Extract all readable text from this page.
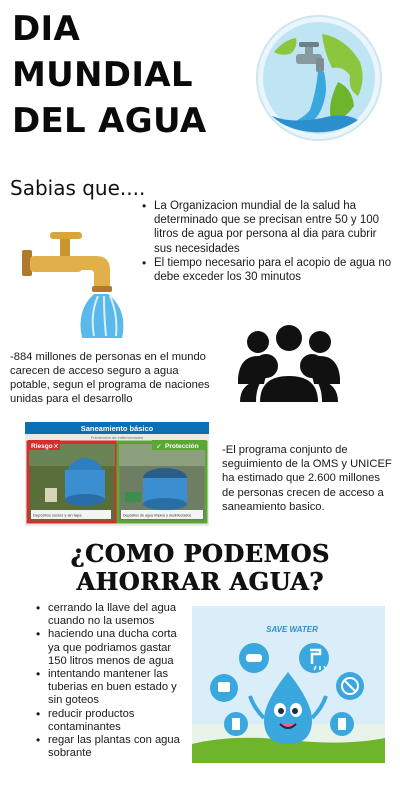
DIA MUNDIAL
DEL AGUA
Sabias que....
• La Organizacion mundial de la salud ha determinado que se precisan entre 50 y 100 litros de agua por persona al dia para cubrir sus necesidades
• El tiempo necesario para el acopio de agua no debe exceder los 30 minutos

-884 millones de personas en el mundo carecen de acceso seguro a agua potable, segun el programa de naciones unidas para el desarrollo

Saneamiento básico
Prevención de enfermedades
Riesgo ✕	✓ Protección
Depósitos sucios y sin tapa	Depósitos de agua limpios y desinfectados

-El programa conjunto de seguimiento de la OMS y UNICEF ha estimado que 2.600 millones de personas crecen de acceso a saneamiento basico.

¿COMO PODEMOS
AHORRAR AGUA?
• cerrando la llave del agua cuando no la usemos
• haciendo una ducha corta ya que podriamos gastar 150 litros menos de agua
• intentando mantener las tuberias en buen estado y sin goteos
• reducir productos contaminantes
• regar las plantas con agua sobrante
SAVE WATER
